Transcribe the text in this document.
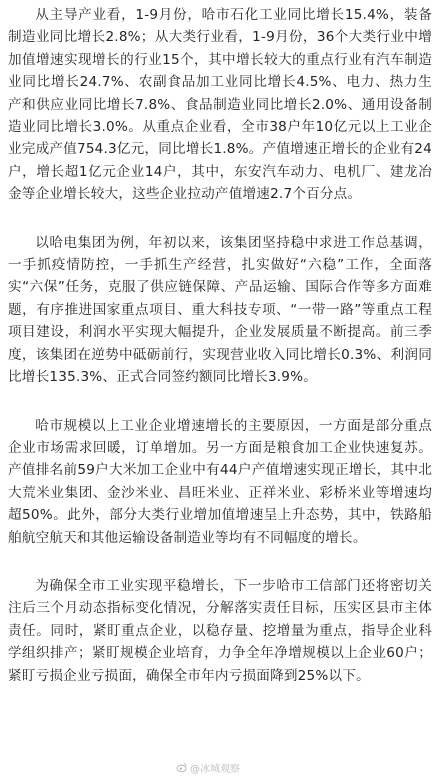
从主导产业看，1-9月份，哈市石化工业同比增长15.4%，装备制造业同比增长2.8%；从大类行业看，1-9月份，36个大类行业中增加值增速实现增长的行业15个，其中增长较大的重点行业有汽车制造业同比增长24.7%、农副食品加工业同比增长4.5%、电力、热力生产和供应业同比增长7.8%、食品制造业同比增长2.0%、通用设备制造业同比增长3.0%。从重点企业看，全市38户年10亿元以上工业企业完成产值754.3亿元，同比增长1.8%。产值增速正增长的企业有24户，增长超1亿元企业14户，其中，东安汽车动力、电机厂、建龙冶金等企业增长较大，这些企业拉动产值增速2.7个百分点。

以哈电集团为例，年初以来，该集团坚持稳中求进工作总基调，一手抓疫情防控，一手抓生产经营，扎实做好“六稳”工作，全面落实“六保”任务，克服了供应链保障、产品运输、国际合作等多方面难题，有序推进国家重点项目、重大科技专项、“一带一路”等重点工程项目建设，利润水平实现大幅提升，企业发展质量不断提高。前三季度，该集团在逆势中砥砺前行，实现营业收入同比增长0.3%、利润同比增长135.3%、正式合同签约额同比增长3.9%。

哈市规模以上工业企业增速增长的主要原因，一方面是部分重点企业市场需求回暖，订单增加。另一方面是粮食加工企业快速复苏。产值排名前59户大米加工企业中有44户产值增速实现正增长，其中北大荒米业集团、金沙米业、昌旺米业、正祥米业、彩桥米业等增速均超50%。此外，部分大类行业增加值增速呈上升态势，其中，铁路船舶航空航天和其他运输设备制造业等均有不同幅度的增长。

为确保全市工业实现平稳增长，下一步哈市工信部门还将密切关注后三个月动态指标变化情况，分解落实责任目标，压实区县市主体责任。同时，紧盯重点企业，以稳存量、挖增量为重点，指导企业科学组织排产；紧盯规模企业培育，力争全年净增规模以上企业60户；紧盯亏损企业亏损面，确保全市年内亏损面降到25%以下。

@冰城观察
